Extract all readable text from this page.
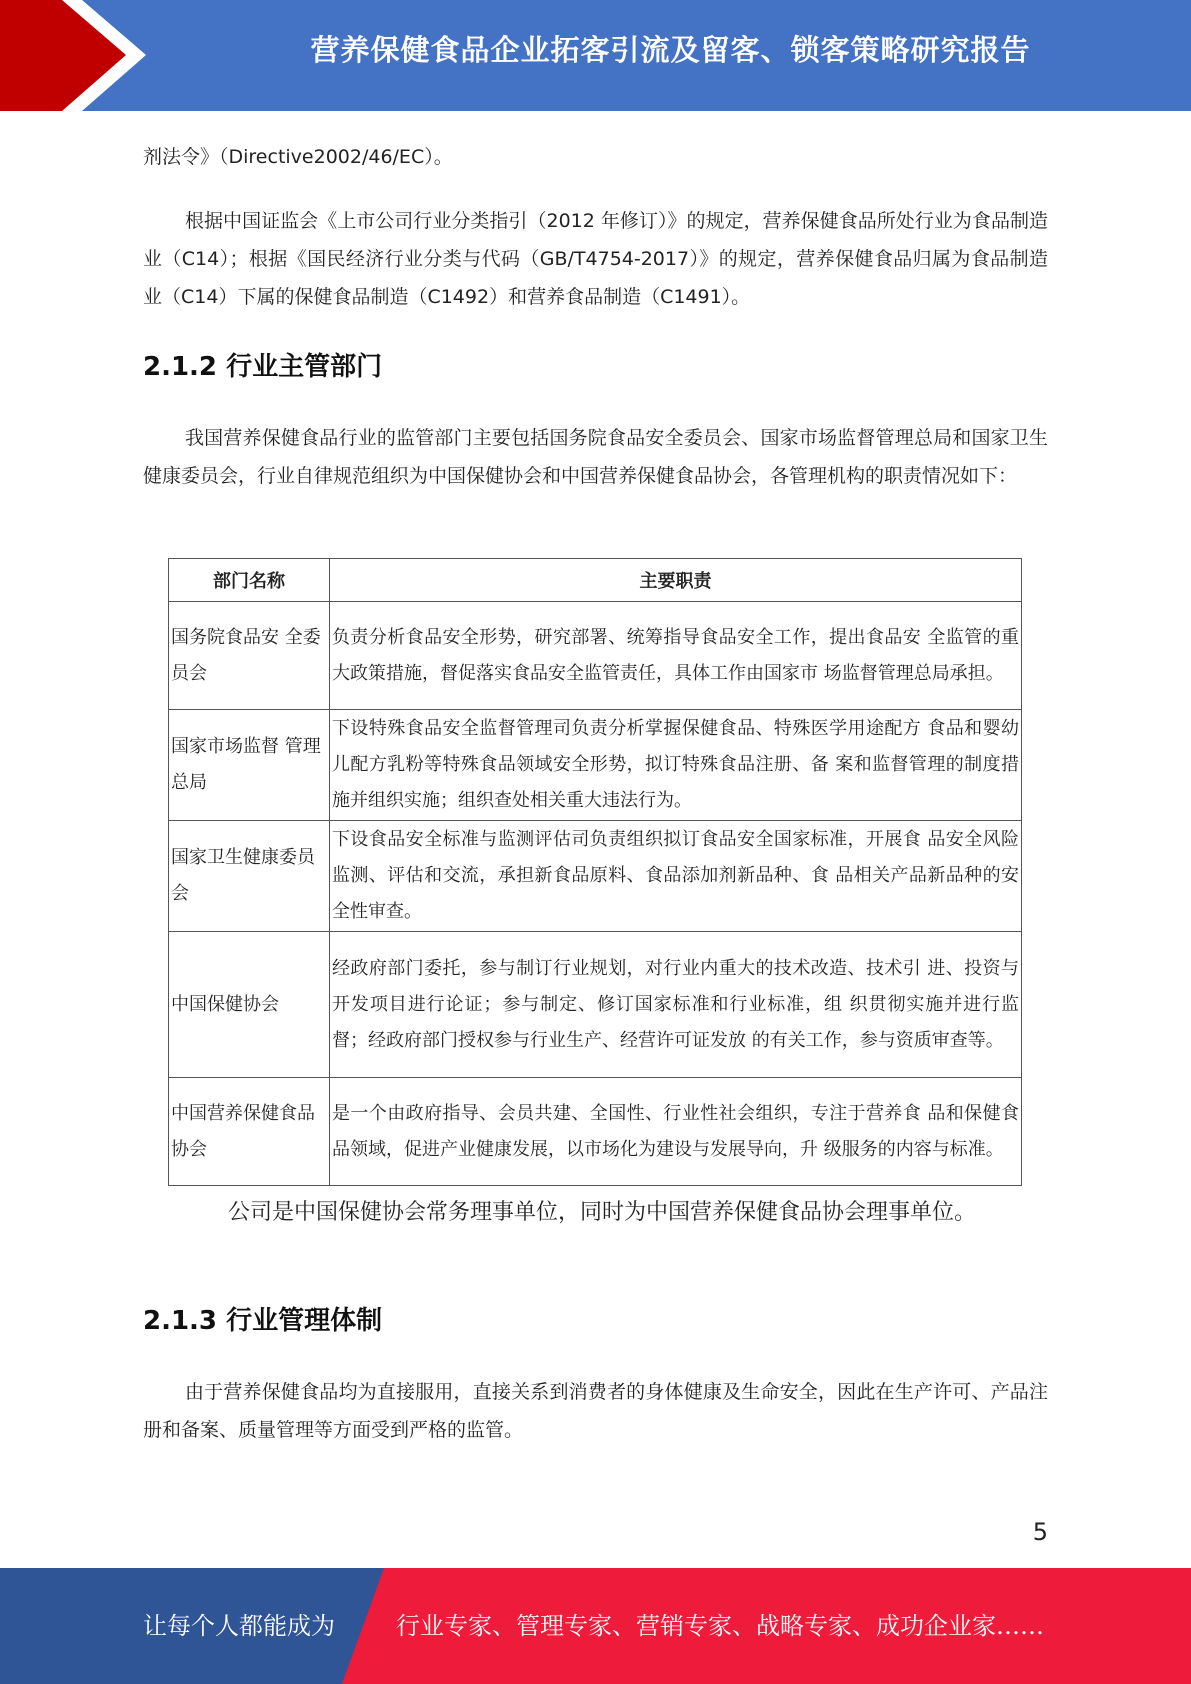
营养保健食品企业拓客引流及留客、锁客策略研究报告

剂法令》（Directive2002/46/EC）。

根据中国证监会《上市公司行业分类指引（2012 年修订）》的规定，营养保健食品所处行业为食品制造业（C14）；根据《国民经济行业分类与代码（GB/T4754-2017）》的规定，营养保健食品归属为食品制造业（C14）下属的保健食品制造（C1492）和营养食品制造（C1491）。

2.1.2 行业主管部门

我国营养保健食品行业的监管部门主要包括国务院食品安全委员会、国家市场监督管理总局和国家卫生健康委员会，行业自律规范组织为中国保健协会和中国营养保健食品协会，各管理机构的职责情况如下：

部门名称	主要职责
国务院食品安 全委员会	负责分析食品安全形势，研究部署、统筹指导食品安全工作，提出食品安 全监管的重大政策措施，督促落实食品安全监管责任，具体工作由国家市 场监督管理总局承担。
国家市场监督 管理总局	下设特殊食品安全监督管理司负责分析掌握保健食品、特殊医学用途配方 食品和婴幼儿配方乳粉等特殊食品领域安全形势，拟订特殊食品注册、备 案和监督管理的制度措施并组织实施；组织查处相关重大违法行为。
国家卫生健康委员会	下设食品安全标准与监测评估司负责组织拟订食品安全国家标准，开展食 品安全风险监测、评估和交流，承担新食品原料、食品添加剂新品种、食 品相关产品新品种的安全性审查。
中国保健协会	经政府部门委托，参与制订行业规划，对行业内重大的技术改造、技术引 进、投资与开发项目进行论证；参与制定、修订国家标准和行业标准，组 织贯彻实施并进行监督；经政府部门授权参与行业生产、经营许可证发放 的有关工作，参与资质审查等。
中国营养保健食品协会	是一个由政府指导、会员共建、全国性、行业性社会组织，专注于营养食 品和保健食品领域，促进产业健康发展，以市场化为建设与发展导向，升 级服务的内容与标准。

公司是中国保健协会常务理事单位，同时为中国营养保健食品协会理事单位。

2.1.3 行业管理体制

由于营养保健食品均为直接服用，直接关系到消费者的身体健康及生命安全，因此在生产许可、产品注册和备案、质量管理等方面受到严格的监管。

5
让每个人都能成为	行业专家、管理专家、营销专家、战略专家、成功企业家……
